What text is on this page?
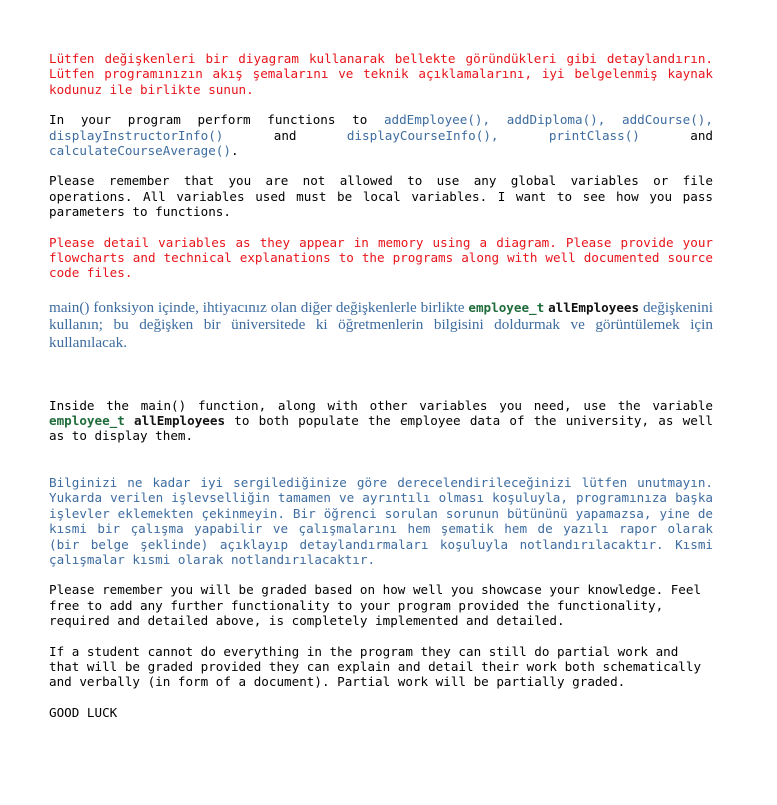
Lütfen değişkenleri bir diyagram kullanarak bellekte göründükleri gibi detaylandırın. Lütfen programınızın akış şemalarını ve teknik açıklamalarını, iyi belgelenmiş kaynak kodunuz ile birlikte sunun.

In your program perform functions to addEmployee(), addDiploma(), addCourse(), displayInstructorInfo() and displayCourseInfo(), printClass() and calculateCourseAverage().

Please remember that you are not allowed to use any global variables or file operations. All variables used must be local variables. I want to see how you pass parameters to functions.

Please detail variables as they appear in memory using a diagram. Please provide your flowcharts and technical explanations to the programs along with well documented source code files.

main() fonksiyon içinde, ihtiyacınız olan diğer değişkenlerle birlikte employee_t allEmployees değişkenini kullanın; bu değişken bir üniversitede ki öğretmenlerin bilgisini doldurmak ve görüntülemek için kullanılacak.

Inside the main() function, along with other variables you need, use the variable employee_t allEmployees to both populate the employee data of the university, as well as to display them.

Bilginizi ne kadar iyi sergilediğinize göre derecelendirileceğinizi lütfen unutmayın. Yukarda verilen işlevselliğin tamamen ve ayrıntılı olması koşuluyla, programınıza başka işlevler eklemekten çekinmeyin. Bir öğrenci sorulan sorunun bütününü yapamazsa, yine de kısmi bir çalışma yapabilir ve çalışmalarını hem şematik hem de yazılı rapor olarak (bir belge şeklinde) açıklayıp detaylandırmaları koşuluyla notlandırılacaktır. Kısmi çalışmalar kısmi olarak notlandırılacaktır.

Please remember you will be graded based on how well you showcase your knowledge. Feel free to add any further functionality to your program provided the functionality, required and detailed above, is completely implemented and detailed.

If a student cannot do everything in the program they can still do partial work and that will be graded provided they can explain and detail their work both schematically and verbally (in form of a document). Partial work will be partially graded.

GOOD LUCK
